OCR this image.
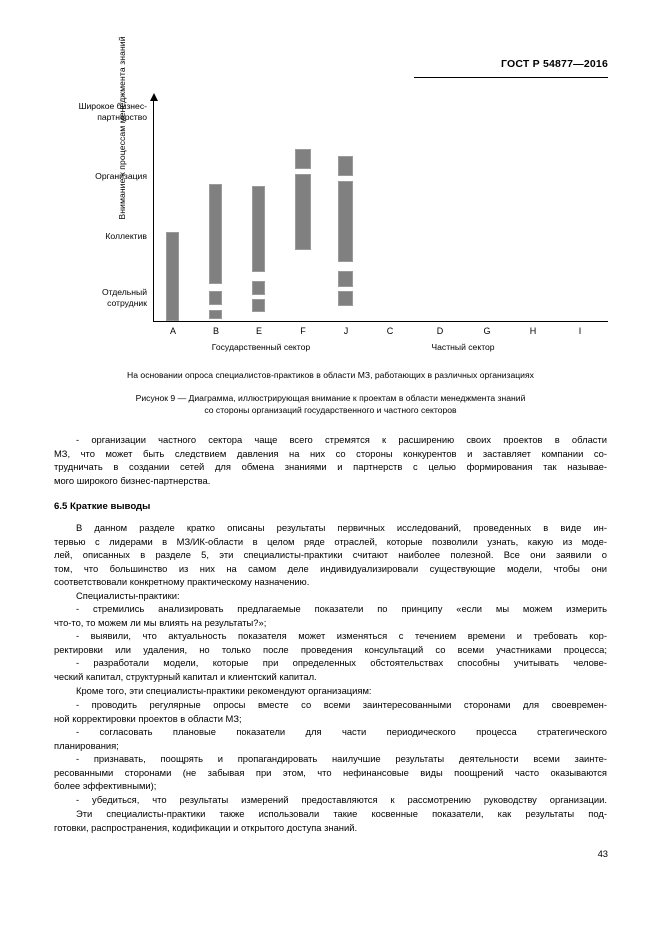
ГОСТ Р 54877—2016
Внимание к процессам менеджмента знаний
Широкое бизнес-партнерство
Организация
Коллектив
Отдельный сотрудник
A	B	E	F	J	C	D	G	H	I
Государственный сектор	Частный сектор
На основании опроса специалистов-практиков в области МЗ, работающих в различных организациях
Рисунок 9 — Диаграмма, иллюстрирующая внимание к проектам в области менеджмента знаний
со стороны организаций государственного и частного секторов
- организации частного сектора чаще всего стремятся к расширению своих проектов в области
МЗ, что может быть следствием давления на них со стороны конкурентов и заставляет компании со-
трудничать в создании сетей для обмена знаниями и партнерств с целью формирования так называе-
мого широкого бизнес-партнерства.
6.5 Краткие выводы
В данном разделе кратко описаны результаты первичных исследований, проведенных в виде ин-
тервью с лидерами в МЗ/ИК-области в целом ряде отраслей, которые позволили узнать, какую из моде-
лей, описанных в разделе 5, эти специалисты-практики считают наиболее полезной. Все они заявили о
том, что большинство из них на самом деле индивидуализировали существующие модели, чтобы они
соответствовали конкретному практическому назначению.
Специалисты-практики:
- стремились анализировать предлагаемые показатели по принципу «если мы можем измерить
что-то, то можем ли мы влиять на результаты?»;
- выявили, что актуальность показателя может изменяться с течением времени и требовать кор-
ректировки или удаления, но только после проведения консультаций со всеми участниками процесса;
- разработали модели, которые при определенных обстоятельствах способны учитывать челове-
ческий капитал, структурный капитал и клиентский капитал.
Кроме того, эти специалисты-практики рекомендуют организациям:
- проводить регулярные опросы вместе со всеми заинтересованными сторонами для своевремен-
ной корректировки проектов в области МЗ;
- согласовать плановые показатели для части периодического процесса стратегического
планирования;
- признавать, поощрять и пропагандировать наилучшие результаты деятельности всеми заинте-
ресованными сторонами (не забывая при этом, что нефинансовые виды поощрений часто оказываются
более эффективными);
- убедиться, что результаты измерений предоставляются к рассмотрению руководству организации.
Эти специалисты-практики также использовали такие косвенные показатели, как результаты под-
готовки, распространения, кодификации и открытого доступа знаний.
43
